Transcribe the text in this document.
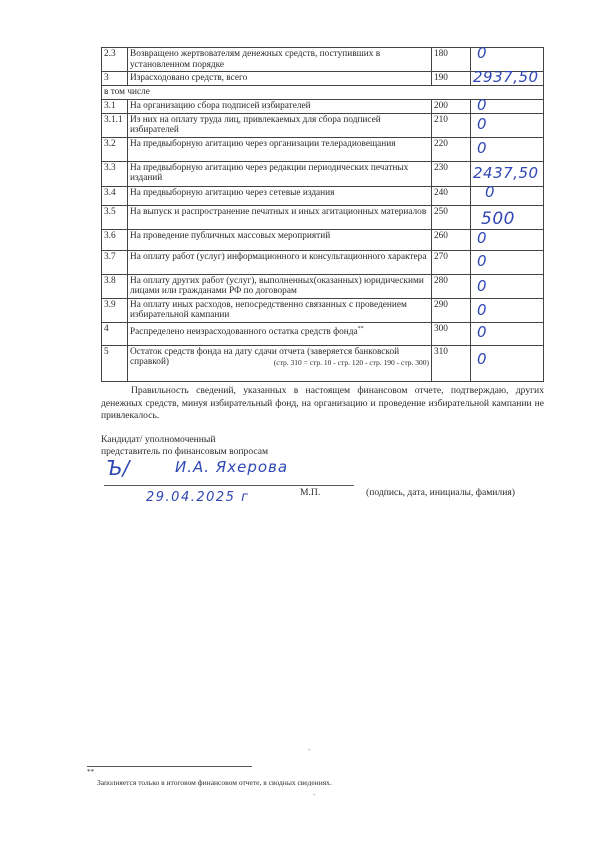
2.3	Возвращено жертвователям денежных средств, поступивших в установленном порядке	180	0

3	Израсходовано средств, всего	190	2937,50

в том числе			
3.1	На организацию сбора подписей избирателей	200	0

3.1.1	Из них на оплату труда лиц, привлекаемых для сбора подписей избирателей	210	0

3.2	На предвыборную агитацию через организации телерадиовещания	220	0

3.3	На предвыборную агитацию через редакции периодических печатных изданий	230	2437,50

3.4	На предвыборную агитацию через сетевые издания	240	0

3.5	На выпуск и распространение печатных и иных агитационных материалов	250	500

3.6	На проведение публичных массовых мероприятий	260	0

3.7	На оплату работ (услуг) информационного и консультационного характера	270	0

3.8	На оплату других работ (услуг), выполненных(оказанных) юридическими лицами или гражданами РФ по договорам	280	0

3.9	На оплату иных расходов, непосредственно связанных с проведением избирательной кампании	290	0

4	Распределено неизрасходованного остатка средств фонда**	300	0

5	Остаток средств фонда на дату сдачи отчета (заверяется банковской справкой) (стр. 310 = стр. 10 - стр. 120 - стр. 190 - стр. 300)	310	0
Правильность сведений, указанных в настоящем финансовом отчете, подтверждаю, других денежных средств, минуя избирательный фонд, на организацию и проведение избирательной кампании не привлекалось.
Кандидат/ уполномоченный
представитель по финансовым вопросам
Ъ/	И.А. Яхерова
29.04.2025 г	М.П.	(подпись, дата, инициалы, фамилия)
-
**
Заполняется только в итоговом финансовом отчете, в сводных сведениях.
-
